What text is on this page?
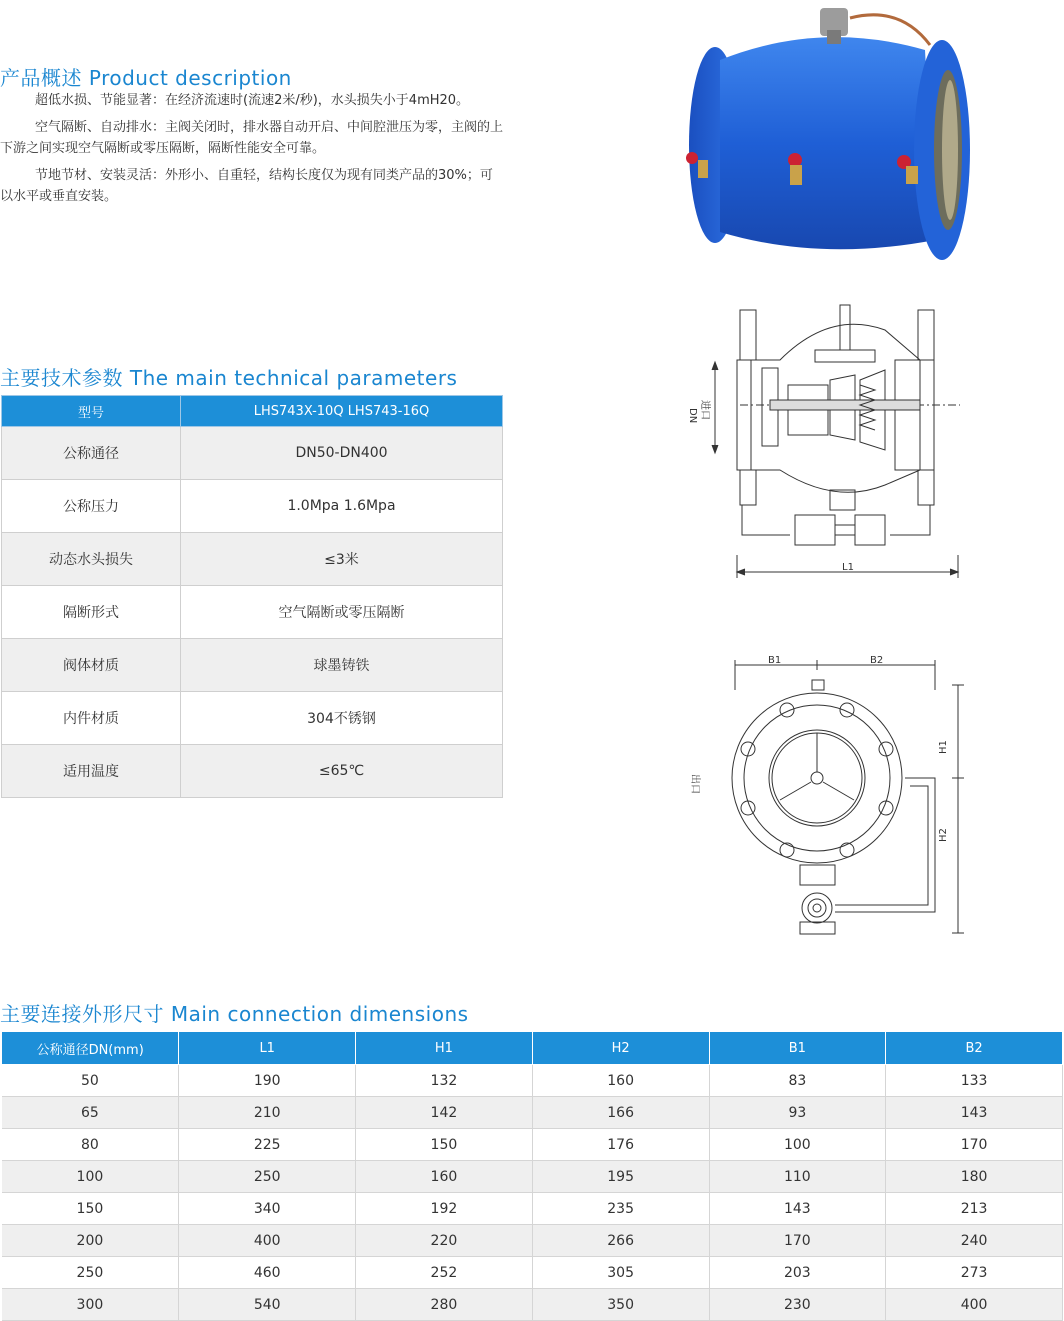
产品概述 Product description

超低水损、节能显著：在经济流速时(流速2米/秒)，水头损失小于4mH20。

空气隔断、自动排水：主阀关闭时，排水器自动开启、中间腔泄压为零，主阀的上下游之间实现空气隔断或零压隔断，隔断性能安全可靠。

节地节材、安装灵活：外形小、自重轻，结构长度仅为现有同类产品的30%；可以水平或垂直安装。

主要技术参数 The main technical parameters
型号	LHS743X-10Q LHS743-16Q
公称通径	DN50-DN400
公称压力	1.0Mpa 1.6Mpa
动态水头损失	≤3米
隔断形式	空气隔断或零压隔断
阀体材质	球墨铸铁
内件材质	304不锈钢
适用温度	≤65℃
DN 进口
L1
B1	B2
H1
H2
出口
主要连接外形尺寸 Main connection dimensions
公称通径DN(mm)	L1	H1	H2	B1	B2
50	190	132	160	83	133
65	210	142	166	93	143
80	225	150	176	100	170
100	250	160	195	110	180
150	340	192	235	143	213
200	400	220	266	170	240
250	460	252	305	203	273
300	540	280	350	230	400
